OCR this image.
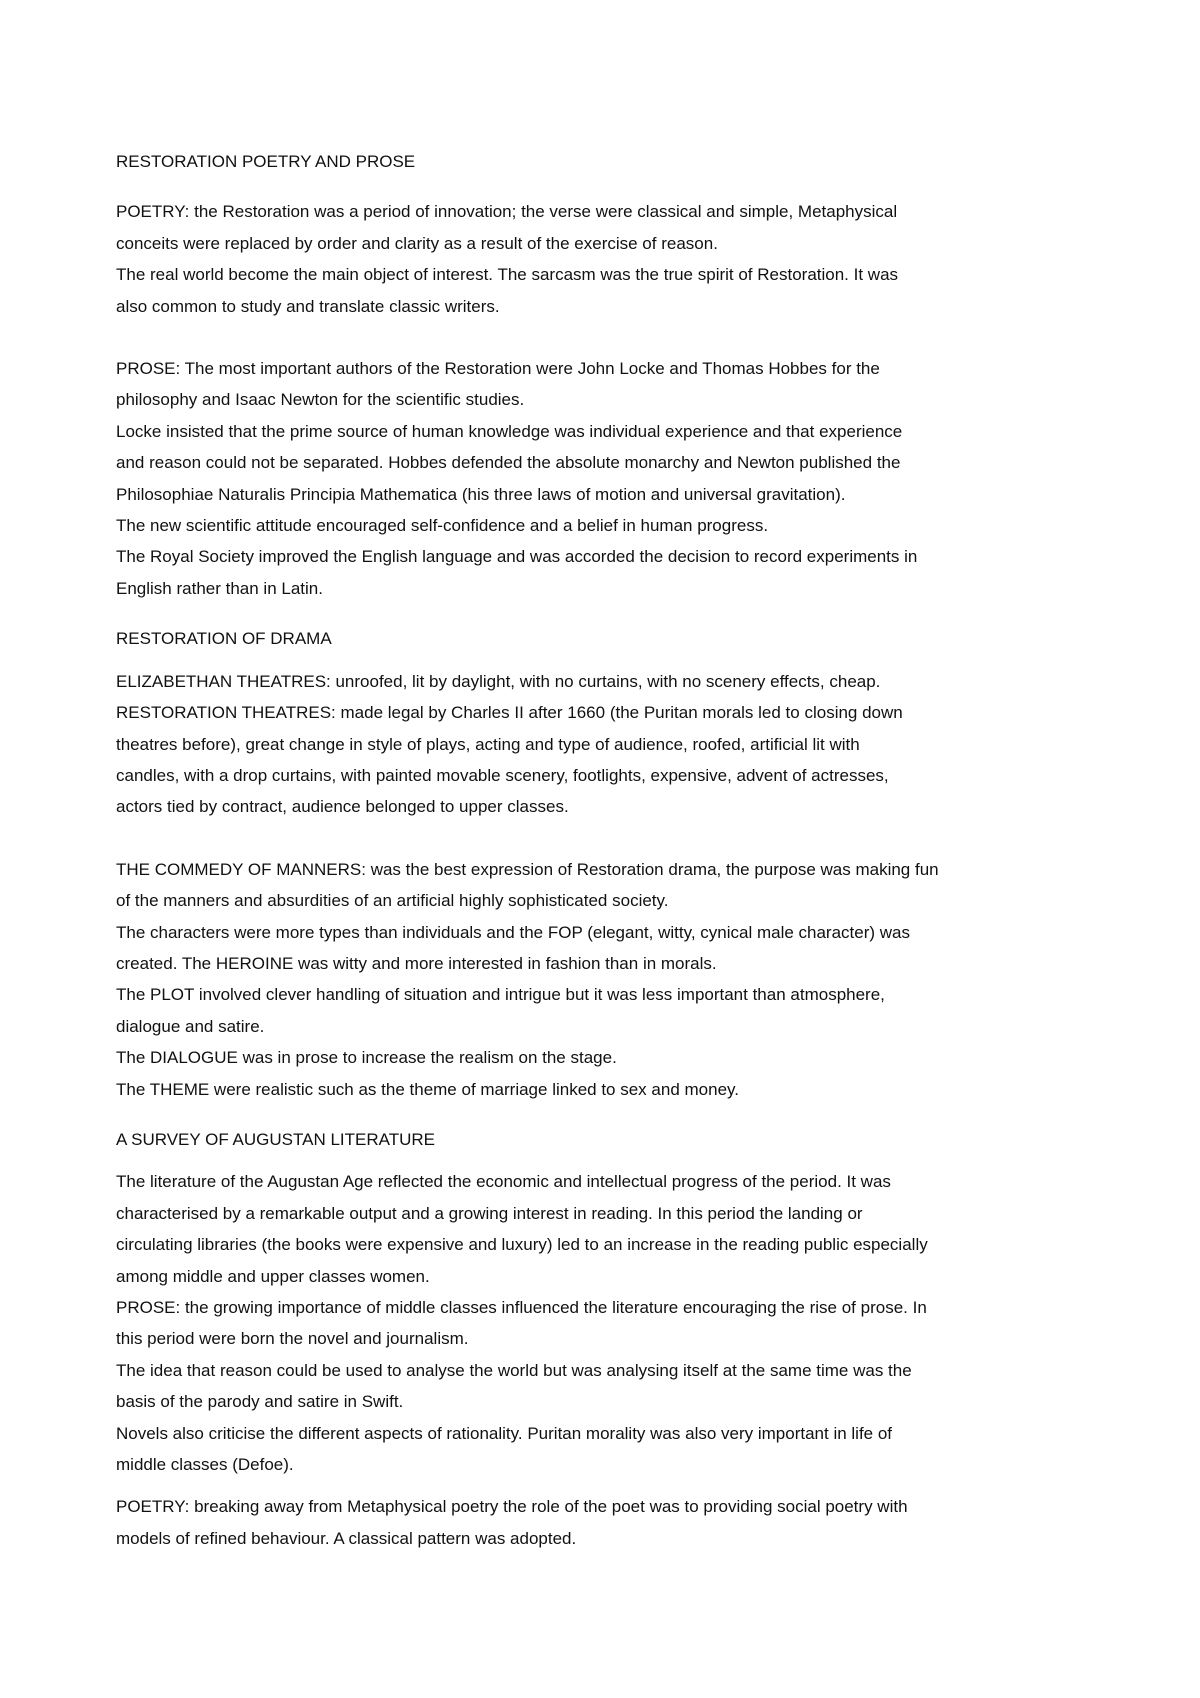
RESTORATION POETRY AND PROSE

POETRY: the Restoration was a period of innovation; the verse were classical and simple, Metaphysical

conceits were replaced by order and clarity as a result of the exercise of reason.

The real world become the main object of interest. The sarcasm was the true spirit of Restoration. It was

also common to study and translate classic writers.

PROSE: The most important authors of the Restoration were John Locke and Thomas Hobbes for the

philosophy and Isaac Newton for the scientific studies.

Locke insisted that the prime source of human knowledge was individual experience and that experience

and reason could not be separated. Hobbes defended the absolute monarchy and Newton published the

Philosophiae Naturalis Principia Mathematica (his three laws of motion and universal gravitation).

The new scientific attitude encouraged self-confidence and a belief in human progress.

The Royal Society improved the English language and was accorded the decision to record experiments in

English rather than in Latin.

RESTORATION OF DRAMA

ELIZABETHAN THEATRES: unroofed, lit by daylight, with no curtains, with no scenery effects, cheap.

RESTORATION THEATRES: made legal by Charles II after 1660 (the Puritan morals led to closing down

theatres before), great change in style of plays, acting and type of audience, roofed, artificial lit with

candles, with a drop curtains, with painted movable scenery, footlights, expensive, advent of actresses,

actors tied by contract, audience belonged to upper classes.

THE COMMEDY OF MANNERS: was the best expression of Restoration drama, the purpose was making fun

of the manners and absurdities of an artificial highly sophisticated society.

The characters were more types than individuals and the FOP (elegant, witty, cynical male character) was

created. The HEROINE was witty and more interested in fashion than in morals.

The PLOT involved clever handling of situation and intrigue but it was less important than atmosphere,

dialogue and satire.

The DIALOGUE was in prose to increase the realism on the stage.

The THEME were realistic such as the theme of marriage linked to sex and money.

A SURVEY OF AUGUSTAN LITERATURE

The literature of the Augustan Age reflected the economic and intellectual progress of the period. It was

characterised by a remarkable output and a growing interest in reading. In this period the landing or

circulating libraries (the books were expensive and luxury) led to an increase in the reading public especially

among middle and upper classes women.

PROSE: the growing importance of middle classes influenced the literature encouraging the rise of prose. In

this period were born the novel and journalism.

The idea that reason could be used to analyse the world but was analysing itself at the same time was the

basis of the parody and satire in Swift.

Novels also criticise the different aspects of rationality. Puritan morality was also very important in life of

middle classes (Defoe).

POETRY: breaking away from Metaphysical poetry the role of the poet was to providing social poetry with

models of refined behaviour. A classical pattern was adopted.
